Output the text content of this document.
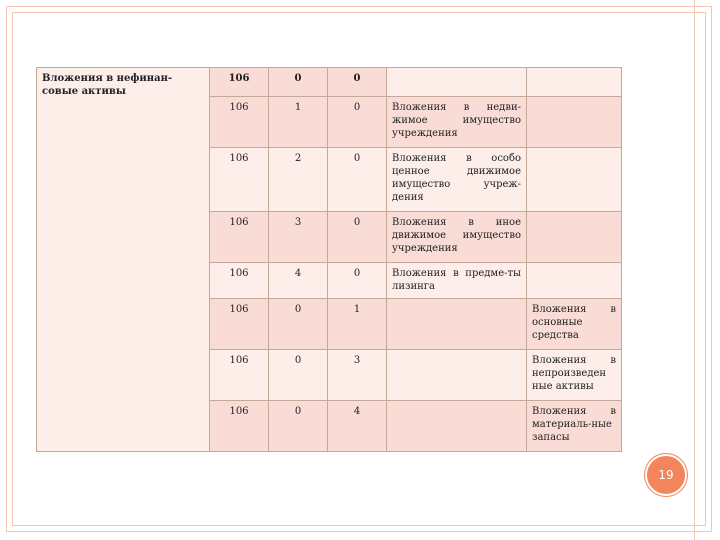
Вложения в нефинан-совые активы	106	0	0		
	106	1	0	Вложения в недви-жимое имущество учреждения	
	106	2	0	Вложения в особо ценное движимое имущество учреж-дения	
	106	3	0	Вложения в иное движимое имущество учреждения	
	106	4	0	Вложения в предме-ты лизинга	
	106	0	1		Вложения в основные средства
	106	0	3		Вложения в непроизведен ные активы
	106	0	4		Вложения в материаль-ные запасы
19
